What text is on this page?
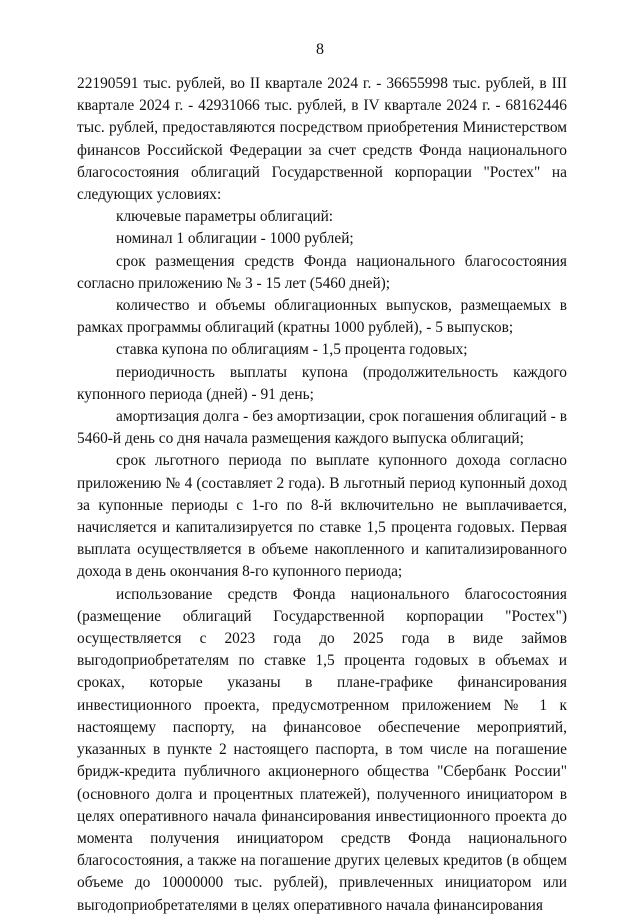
8

22190591 тыс. рублей, во II квартале 2024 г. - 36655998 тыс. рублей, в III квартале 2024 г. - 42931066 тыс. рублей, в IV квартале 2024 г. - 68162446 тыс. рублей, предоставляются посредством приобретения Министерством финансов Российской Федерации за счет средств Фонда национального благосостояния облигаций Государственной корпорации "Ростех" на следующих условиях:

ключевые параметры облигаций:

номинал 1 облигации - 1000 рублей;

срок размещения средств Фонда национального благосостояния согласно приложению № 3 - 15 лет (5460 дней);

количество и объемы облигационных выпусков, размещаемых в рамках программы облигаций (кратны 1000 рублей), - 5 выпусков;

ставка купона по облигациям - 1,5 процента годовых;

периодичность выплаты купона (продолжительность каждого купонного периода (дней) - 91 день;

амортизация долга - без амортизации, срок погашения облигаций - в 5460-й день со дня начала размещения каждого выпуска облигаций;

срок льготного периода по выплате купонного дохода согласно приложению № 4 (составляет 2 года). В льготный период купонный доход за купонные периоды с 1-го по 8-й включительно не выплачивается, начисляется и капитализируется по ставке 1,5 процента годовых. Первая выплата осуществляется в объеме накопленного и капитализированного дохода в день окончания 8-го купонного периода;

использование средств Фонда национального благосостояния (размещение облигаций Государственной корпорации "Ростех") осуществляется с 2023 года до 2025 года в виде займов выгодоприобретателям по ставке 1,5 процента годовых в объемах и сроках, которые указаны в плане-графике финансирования инвестиционного проекта, предусмотренном приложением № 1 к настоящему паспорту, на финансовое обеспечение мероприятий, указанных в пункте 2 настоящего паспорта, в том числе на погашение бридж-кредита публичного акционерного общества "Сбербанк России" (основного долга и процентных платежей), полученного инициатором в целях оперативного начала финансирования инвестиционного проекта до момента получения инициатором средств Фонда национального благосостояния, а также на погашение других целевых кредитов (в общем объеме до 10000000 тыс. рублей), привлеченных инициатором или выгодоприобретателями в целях оперативного начала финансирования
